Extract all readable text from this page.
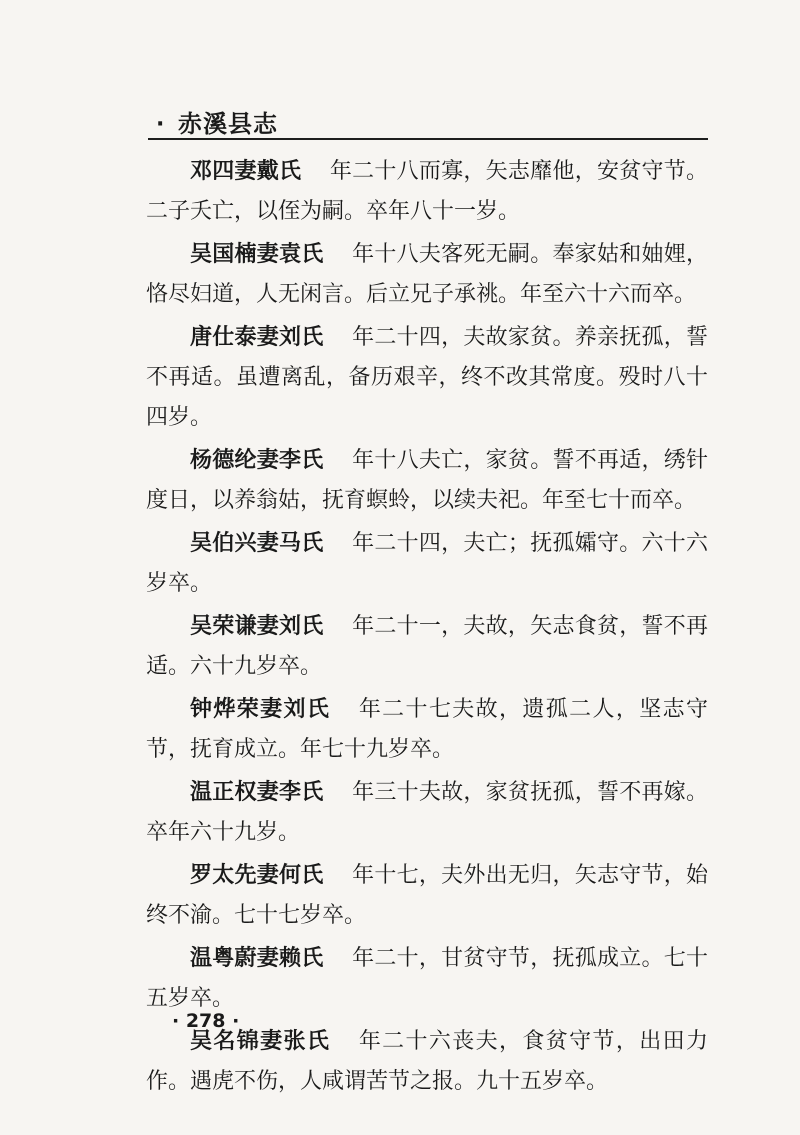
· 赤溪县志

邓四妻戴氏 年二十八而寡，矢志靡他，安贫守节。二子夭亡，以侄为嗣。卒年八十一岁。

吴国楠妻袁氏 年十八夫客死无嗣。奉家姑和妯娌，恪尽妇道，人无闲言。后立兄子承祧。年至六十六而卒。

唐仕泰妻刘氏 年二十四，夫故家贫。养亲抚孤，誓不再适。虽遭离乱，备历艰辛，终不改其常度。殁时八十四岁。

杨德纶妻李氏 年十八夫亡，家贫。誓不再适，绣针度日，以养翁姑，抚育螟蛉，以续夫祀。年至七十而卒。

吴伯兴妻马氏 年二十四，夫亡；抚孤孀守。六十六岁卒。

吴荣谦妻刘氏 年二十一，夫故，矢志食贫，誓不再适。六十九岁卒。

钟烨荣妻刘氏 年二十七夫故，遗孤二人，坚志守节，抚育成立。年七十九岁卒。

温正权妻李氏 年三十夫故，家贫抚孤，誓不再嫁。卒年六十九岁。

罗太先妻何氏 年十七，夫外出无归，矢志守节，始终不渝。七十七岁卒。

温粤蔚妻赖氏 年二十，甘贫守节，抚孤成立。七十五岁卒。

吴名锦妻张氏 年二十六丧夫，食贫守节，出田力作。遇虎不伤，人咸谓苦节之报。九十五岁卒。

· 278 ·
